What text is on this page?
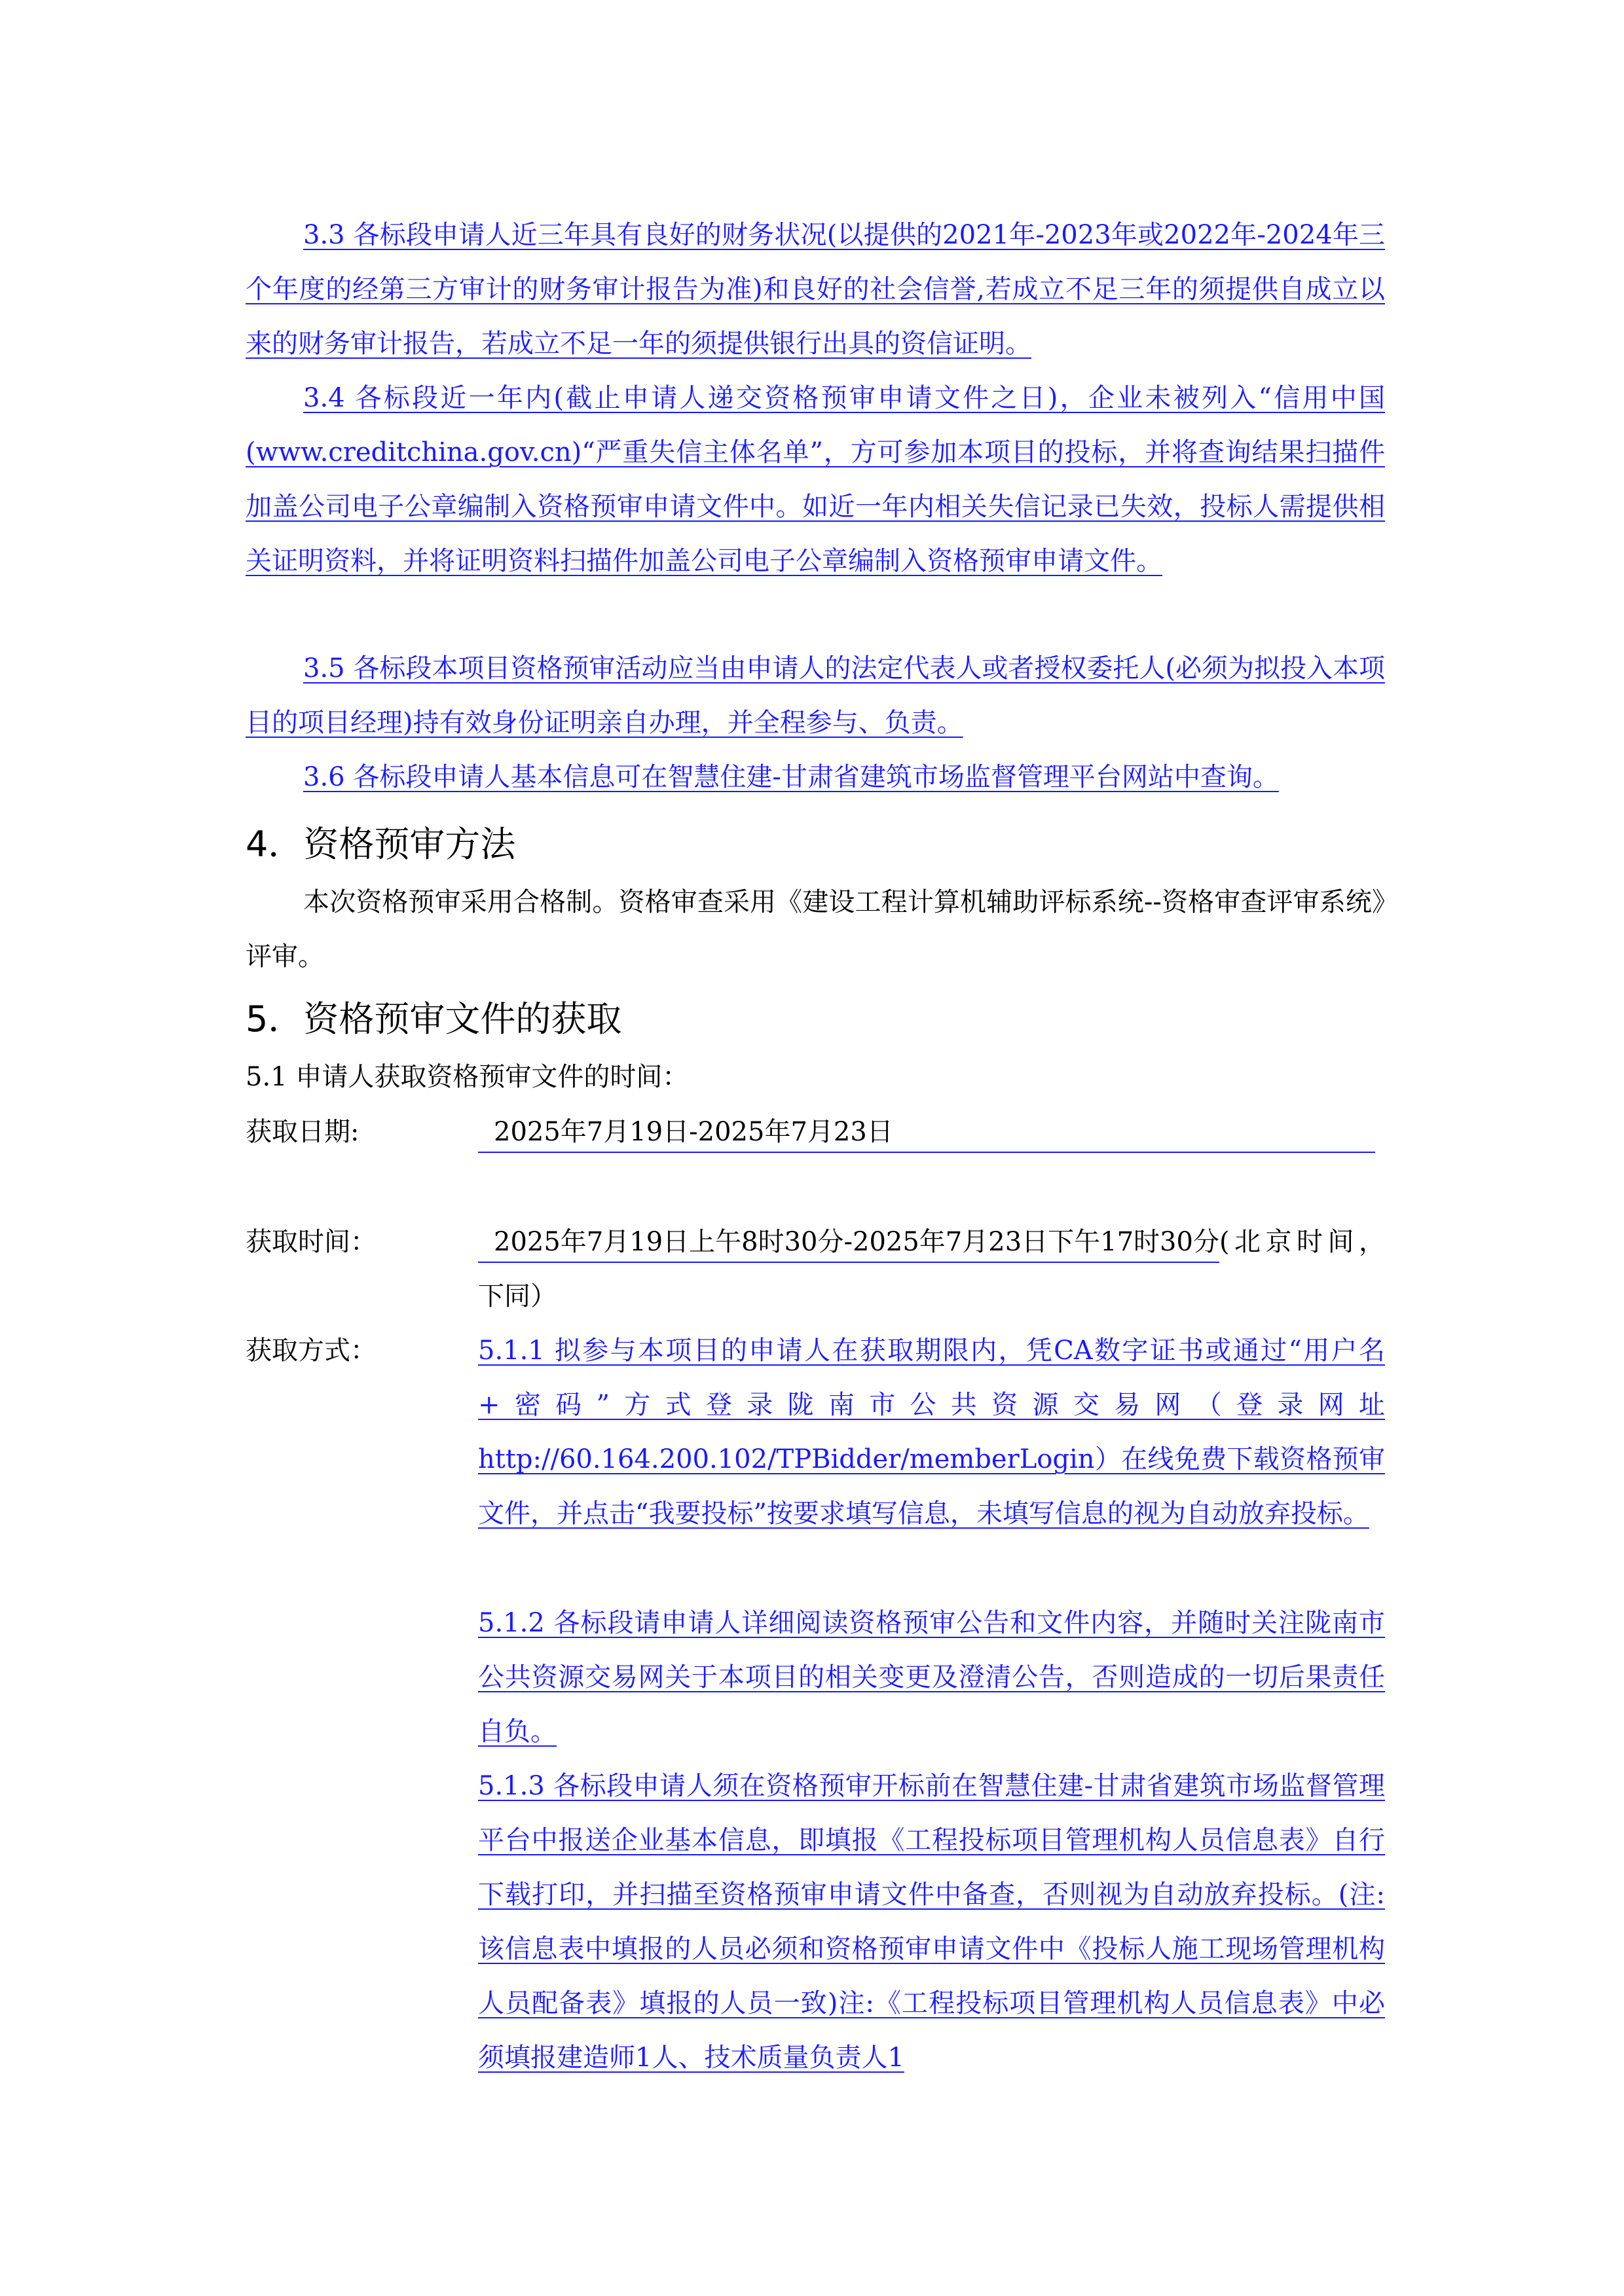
3.3 各标段申请人近三年具有良好的财务状况(以提供的2021年-2023年或2022年-2024年三个年度的经第三方审计的财务审计报告为准)和良好的社会信誉,若成立不足三年的须提供自成立以来的财务审计报告，若成立不足一年的须提供银行出具的资信证明。

3.4 各标段近一年内(截止申请人递交资格预审申请文件之日)，企业未被列入“信用中国(www.creditchina.gov.cn)“严重失信主体名单”，方可参加本项目的投标，并将查询结果扫描件加盖公司电子公章编制入资格预审申请文件中。如近一年内相关失信记录已失效，投标人需提供相关证明资料，并将证明资料扫描件加盖公司电子公章编制入资格预审申请文件。

3.5 各标段本项目资格预审活动应当由申请人的法定代表人或者授权委托人(必须为拟投入本项目的项目经理)持有效身份证明亲自办理，并全程参与、负责。

3.6 各标段申请人基本信息可在智慧住建-甘肃省建筑市场监督管理平台网站中查询。

4．资格预审方法

本次资格预审采用合格制。资格审查采用《建设工程计算机辅助评标系统--资格审查评审系统》评审。

5．资格预审文件的获取

5.1 申请人获取资格预审文件的时间：

获取日期:	2025年7月19日-2025年7月23日

获取时间：	2025年7月19日上午8时30分-2025年7月23日下午17时30分(北京时间，下同）

获取方式：	5.1.1 拟参与本项目的申请人在获取期限内，凭CA数字证书或通过“用户名+密码”方式登录陇南市公共资源交易网（登录网址http://60.164.200.102/TPBidder/memberLogin）在线免费下载资格预审文件，并点击“我要投标”按要求填写信息，未填写信息的视为自动放弃投标。

5.1.2 各标段请申请人详细阅读资格预审公告和文件内容，并随时关注陇南市公共资源交易网关于本项目的相关变更及澄清公告，否则造成的一切后果责任自负。

5.1.3 各标段申请人须在资格预审开标前在智慧住建-甘肃省建筑市场监督管理平台中报送企业基本信息，即填报《工程投标项目管理机构人员信息表》自行下载打印，并扫描至资格预审申请文件中备查，否则视为自动放弃投标。(注:该信息表中填报的人员必须和资格预审申请文件中《投标人施工现场管理机构人员配备表》填报的人员一致)注:《工程投标项目管理机构人员信息表》中必须填报建造师1人、技术质量负责人1
